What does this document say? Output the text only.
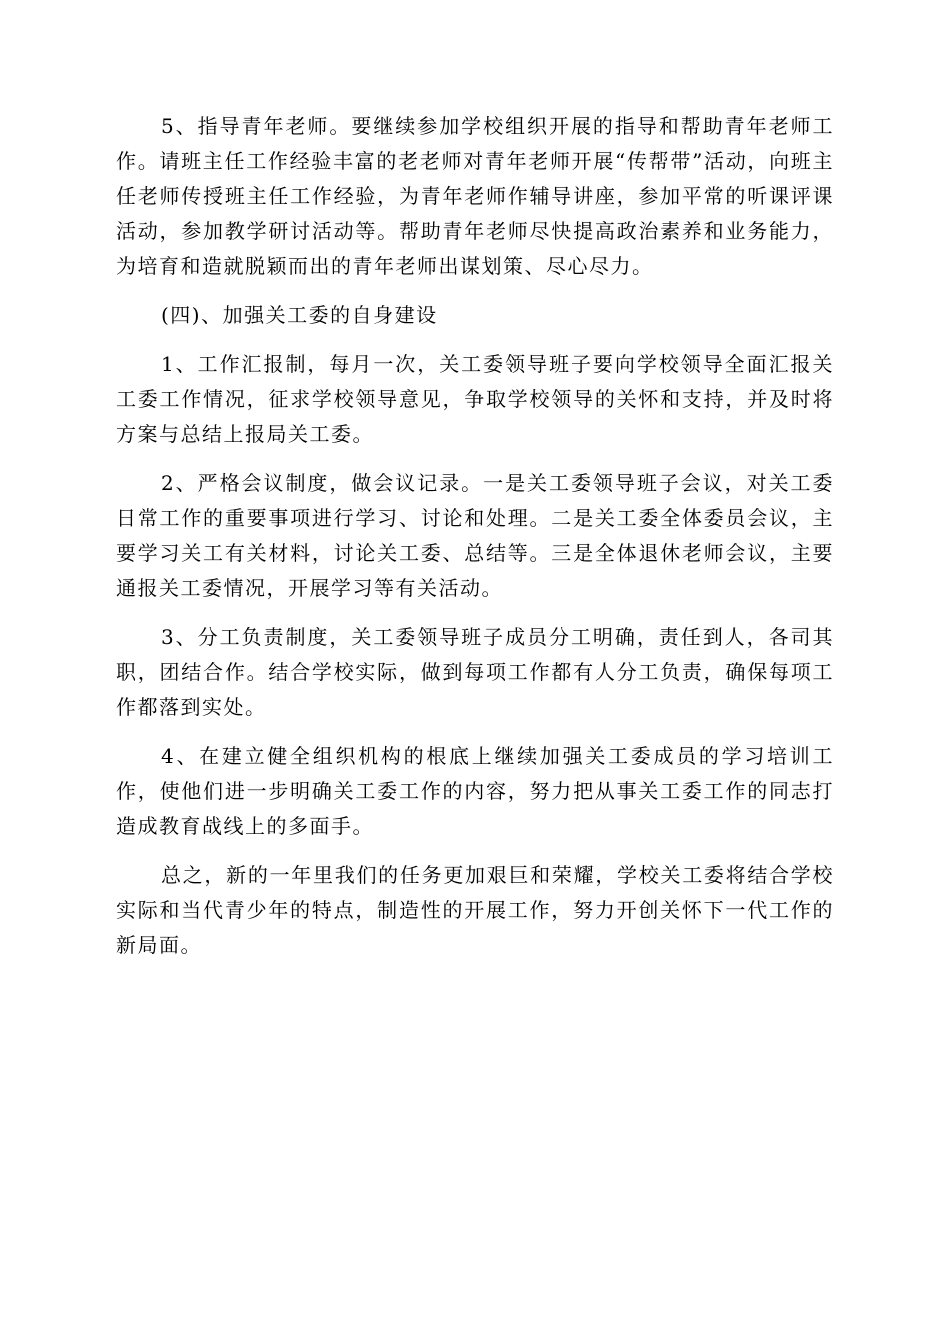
5、指导青年老师。要继续参加学校组织开展的指导和帮助青年老师工作。请班主任工作经验丰富的老老师对青年老师开展“传帮带”活动，向班主任老师传授班主任工作经验，为青年老师作辅导讲座，参加平常的听课评课活动，参加教学研讨活动等。帮助青年老师尽快提高政治素养和业务能力，为培育和造就脱颖而出的青年老师出谋划策、尽心尽力。

(四)、加强关工委的自身建设

1、工作汇报制，每月一次，关工委领导班子要向学校领导全面汇报关工委工作情况，征求学校领导意见，争取学校领导的关怀和支持，并及时将方案与总结上报局关工委。

2、严格会议制度，做会议记录。一是关工委领导班子会议，对关工委日常工作的重要事项进行学习、讨论和处理。二是关工委全体委员会议，主要学习关工有关材料，讨论关工委、总结等。三是全体退休老师会议，主要通报关工委情况，开展学习等有关活动。

3、分工负责制度，关工委领导班子成员分工明确，责任到人，各司其职，团结合作。结合学校实际，做到每项工作都有人分工负责，确保每项工作都落到实处。

4、在建立健全组织机构的根底上继续加强关工委成员的学习培训工作，使他们进一步明确关工委工作的内容，努力把从事关工委工作的同志打造成教育战线上的多面手。

总之，新的一年里我们的任务更加艰巨和荣耀，学校关工委将结合学校实际和当代青少年的特点，制造性的开展工作，努力开创关怀下一代工作的新局面。
